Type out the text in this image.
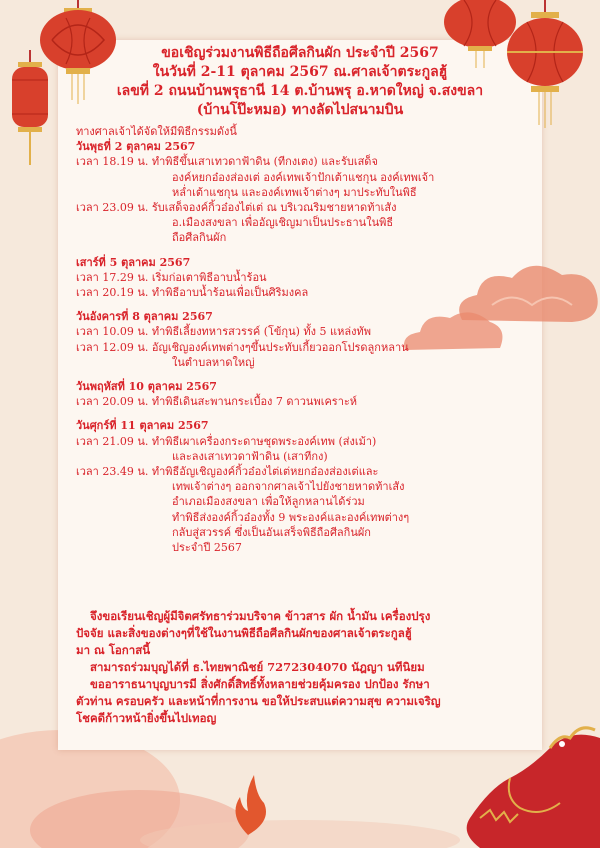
ขอเชิญร่วมงานพิธีถือศีลกินผัก ประจำปี 2567
ในวันที่ 2-11 ตุลาคม 2567 ณ.ศาลเจ้าตระกูลฮู้
เลขที่ 2 ถนนบ้านพรุธานี 14 ต.บ้านพรุ อ.หาดใหญ่ จ.สงขลา
(บ้านโป๊ะหมอ) ทางลัดไปสนามบิน
ทางศาลเจ้าได้จัดให้มีพิธีกรรมดังนี้
วันพุธที่ 2 ตุลาคม 2567
เวลา 18.19 น. ทำพิธีขึ้นเสาเทวดาฟ้าดิน (ทีกงเตง) และรับเสด็จ
องค์หยกอ๋องส่องเต่ องค์เทพเจ้าปักเต้าแชกุน องค์เทพเจ้า
หล่ำเต้าแชกุน และองค์เทพเจ้าต่างๆ มาประทับในพิธี
เวลา 23.09 น. รับเสด็จองค์กิ้วอ๋องไต่เต่ ณ บริเวณริมชายหาดท้าเสัง
อ.เมืองสงขลา เพื่ออัญเชิญมาเป็นประธานในพิธี
ถือศีลกินผัก
เสาร์ที่ 5 ตุลาคม 2567
เวลา 17.29 น. เริ่มก่อเตาพิธีอาบน้ำร้อน
เวลา 20.19 น. ทำพิธีอาบน้ำร้อนเพื่อเป็นศิริมงคล
วันอังคารที่ 8 ตุลาคม 2567
เวลา 10.09 น. ทำพิธีเลี้ยงทหารสวรรค์ (โข้กุน) ทั้ง 5 แหล่งทัพ
เวลา 12.09 น. อัญเชิญองค์เทพต่างๆขึ้นประทับเกี้ยวออกโปรดลูกหลาน
ในตำบลหาดใหญ่
วันพฤหัสที่ 10 ตุลาคม 2567
เวลา 20.09 น. ทำพิธีเดินสะพานกระเบื้อง 7 ดาวนพเคราะห์
วันศุกร์ที่ 11 ตุลาคม 2567
เวลา 21.09 น. ทำพิธีเผาเครื่องกระดาษชุดพระองค์เทพ (ส่งเม้า)
และลงเสาเทวดาฟ้าดิน (เสาทีกง)
เวลา 23.49 น. ทำพิธีอัญเชิญองค์กิ้วอ๋องไต่เต่หยกอ๋องส่องเต่และ
เทพเจ้าต่างๆ ออกจากศาลเจ้าไปยังชายหาดท้าเสัง
อำเภอเมืองสงขลา เพื่อให้ลูกหลานได้ร่วม
ทำพิธีส่งองค์กิ้วอ๋องทั้ง 9 พระองค์และองค์เทพต่างๆ
กลับสู่สวรรค์ ซึ่งเป็นอันเสร็จพิธีถือศีลกินผัก
ประจำปี 2567
จึงขอเรียนเชิญผู้มีจิตศรัทธาร่วมบริจาค ข้าวสาร ผัก น้ำมัน เครื่องปรุง
ปัจจัย และสิ่งของต่างๆที่ใช้ในงานพิธีถือศีลกินผักของศาลเจ้าตระกูลฮู้
มา ณ โอกาสนี้
สามารถร่วมบุญได้ที่ ธ.ไทยพาณิชย์ 7272304070 นัฎญา นทีนิยม
ขออาราธนาบุญบารมี สิ่งศักดิ์สิทธิ์ทั้งหลายช่วยคุ้มครอง ปกป้อง รักษา
ตัวท่าน ครอบครัว และหน้าที่การงาน ขอให้ประสบแต่ความสุข ความเจริญ
โชคดีก้าวหน้ายิ่งขึ้นไปเทอญ
